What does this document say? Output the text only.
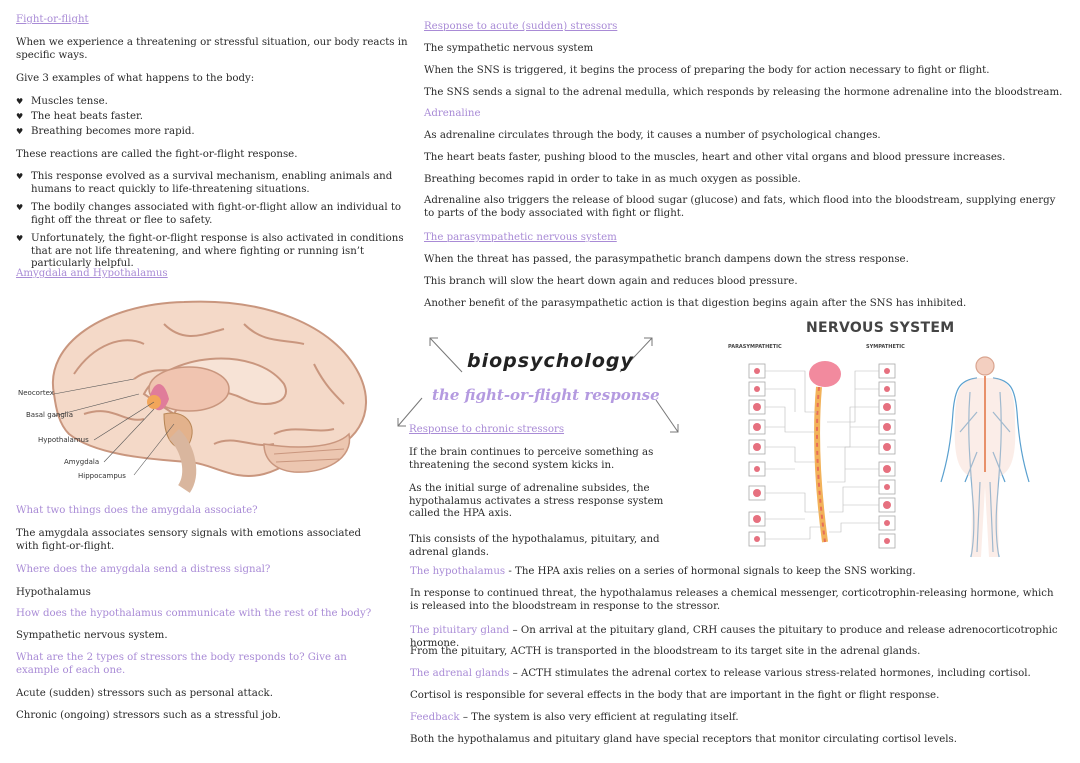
Fight-or-flight
When we experience a threatening or stressful situation, our body reacts in specific ways.
Give 3 examples of what happens to the body:
♥ Muscles tense.
♥ The heat beats faster.
♥ Breathing becomes more rapid.
These reactions are called the fight-or-flight response.
♥ This response evolved as a survival mechanism, enabling animals and humans to react quickly to life-threatening situations.
♥ The bodily changes associated with fight-or-flight allow an individual to fight off the threat or flee to safety.
♥ Unfortunately, the fight-or-flight response is also activated in conditions that are not life threatening, and where fighting or running isn’t particularly helpful.
Amygdala and Hypothalamus
Neocortex
Basal ganglia
Hypothalamus
Amygdala
Hippocampus
What two things does the amygdala associate?
The amygdala associates sensory signals with emotions associated with fight-or-flight.
Where does the amygdala send a distress signal?
Hypothalamus
How does the hypothalamus communicate with the rest of the body?
Sympathetic nervous system.
What are the 2 types of stressors the body responds to? Give an example of each one.
Acute (sudden) stressors such as personal attack.
Chronic (ongoing) stressors such as a stressful job.
Response to acute (sudden) stressors
The sympathetic nervous system
When the SNS is triggered, it begins the process of preparing the body for action necessary to fight or flight.
The SNS sends a signal to the adrenal medulla, which responds by releasing the hormone adrenaline into the bloodstream.
Adrenaline
As adrenaline circulates through the body, it causes a number of psychological changes.
The heart beats faster, pushing blood to the muscles, heart and other vital organs and blood pressure increases.
Breathing becomes rapid in order to take in as much oxygen as possible.
Adrenaline also triggers the release of blood sugar (glucose) and fats, which flood into the bloodstream, supplying energy to parts of the body associated with fight or flight.
The parasympathetic nervous system
When the threat has passed, the parasympathetic branch dampens down the stress response.
This branch will slow the heart down again and reduces blood pressure.
Another benefit of the parasympathetic action is that digestion begins again after the SNS has inhibited.
biopsychology
the fight-or-flight response
NERVOUS SYSTEM
PARASYMPATHETIC	SYMPATHETIC
Response to chronic stressors
If the brain continues to perceive something as threatening the second system kicks in.
As the initial surge of adrenaline subsides, the hypothalamus activates a stress response system called the HPA axis.
This consists of the hypothalamus, pituitary, and adrenal glands.
The hypothalamus - The HPA axis relies on a series of hormonal signals to keep the SNS working.
In response to continued threat, the hypothalamus releases a chemical messenger, corticotrophin-releasing hormone, which is released into the bloodstream in response to the stressor.
The pituitary gland – On arrival at the pituitary gland, CRH causes the pituitary to produce and release adrenocorticotrophic hormone.
From the pituitary, ACTH is transported in the bloodstream to its target site in the adrenal glands.
The adrenal glands – ACTH stimulates the adrenal cortex to release various stress-related hormones, including cortisol.
Cortisol is responsible for several effects in the body that are important in the fight or flight response.
Feedback – The system is also very efficient at regulating itself.
Both the hypothalamus and pituitary gland have special receptors that monitor circulating cortisol levels.
